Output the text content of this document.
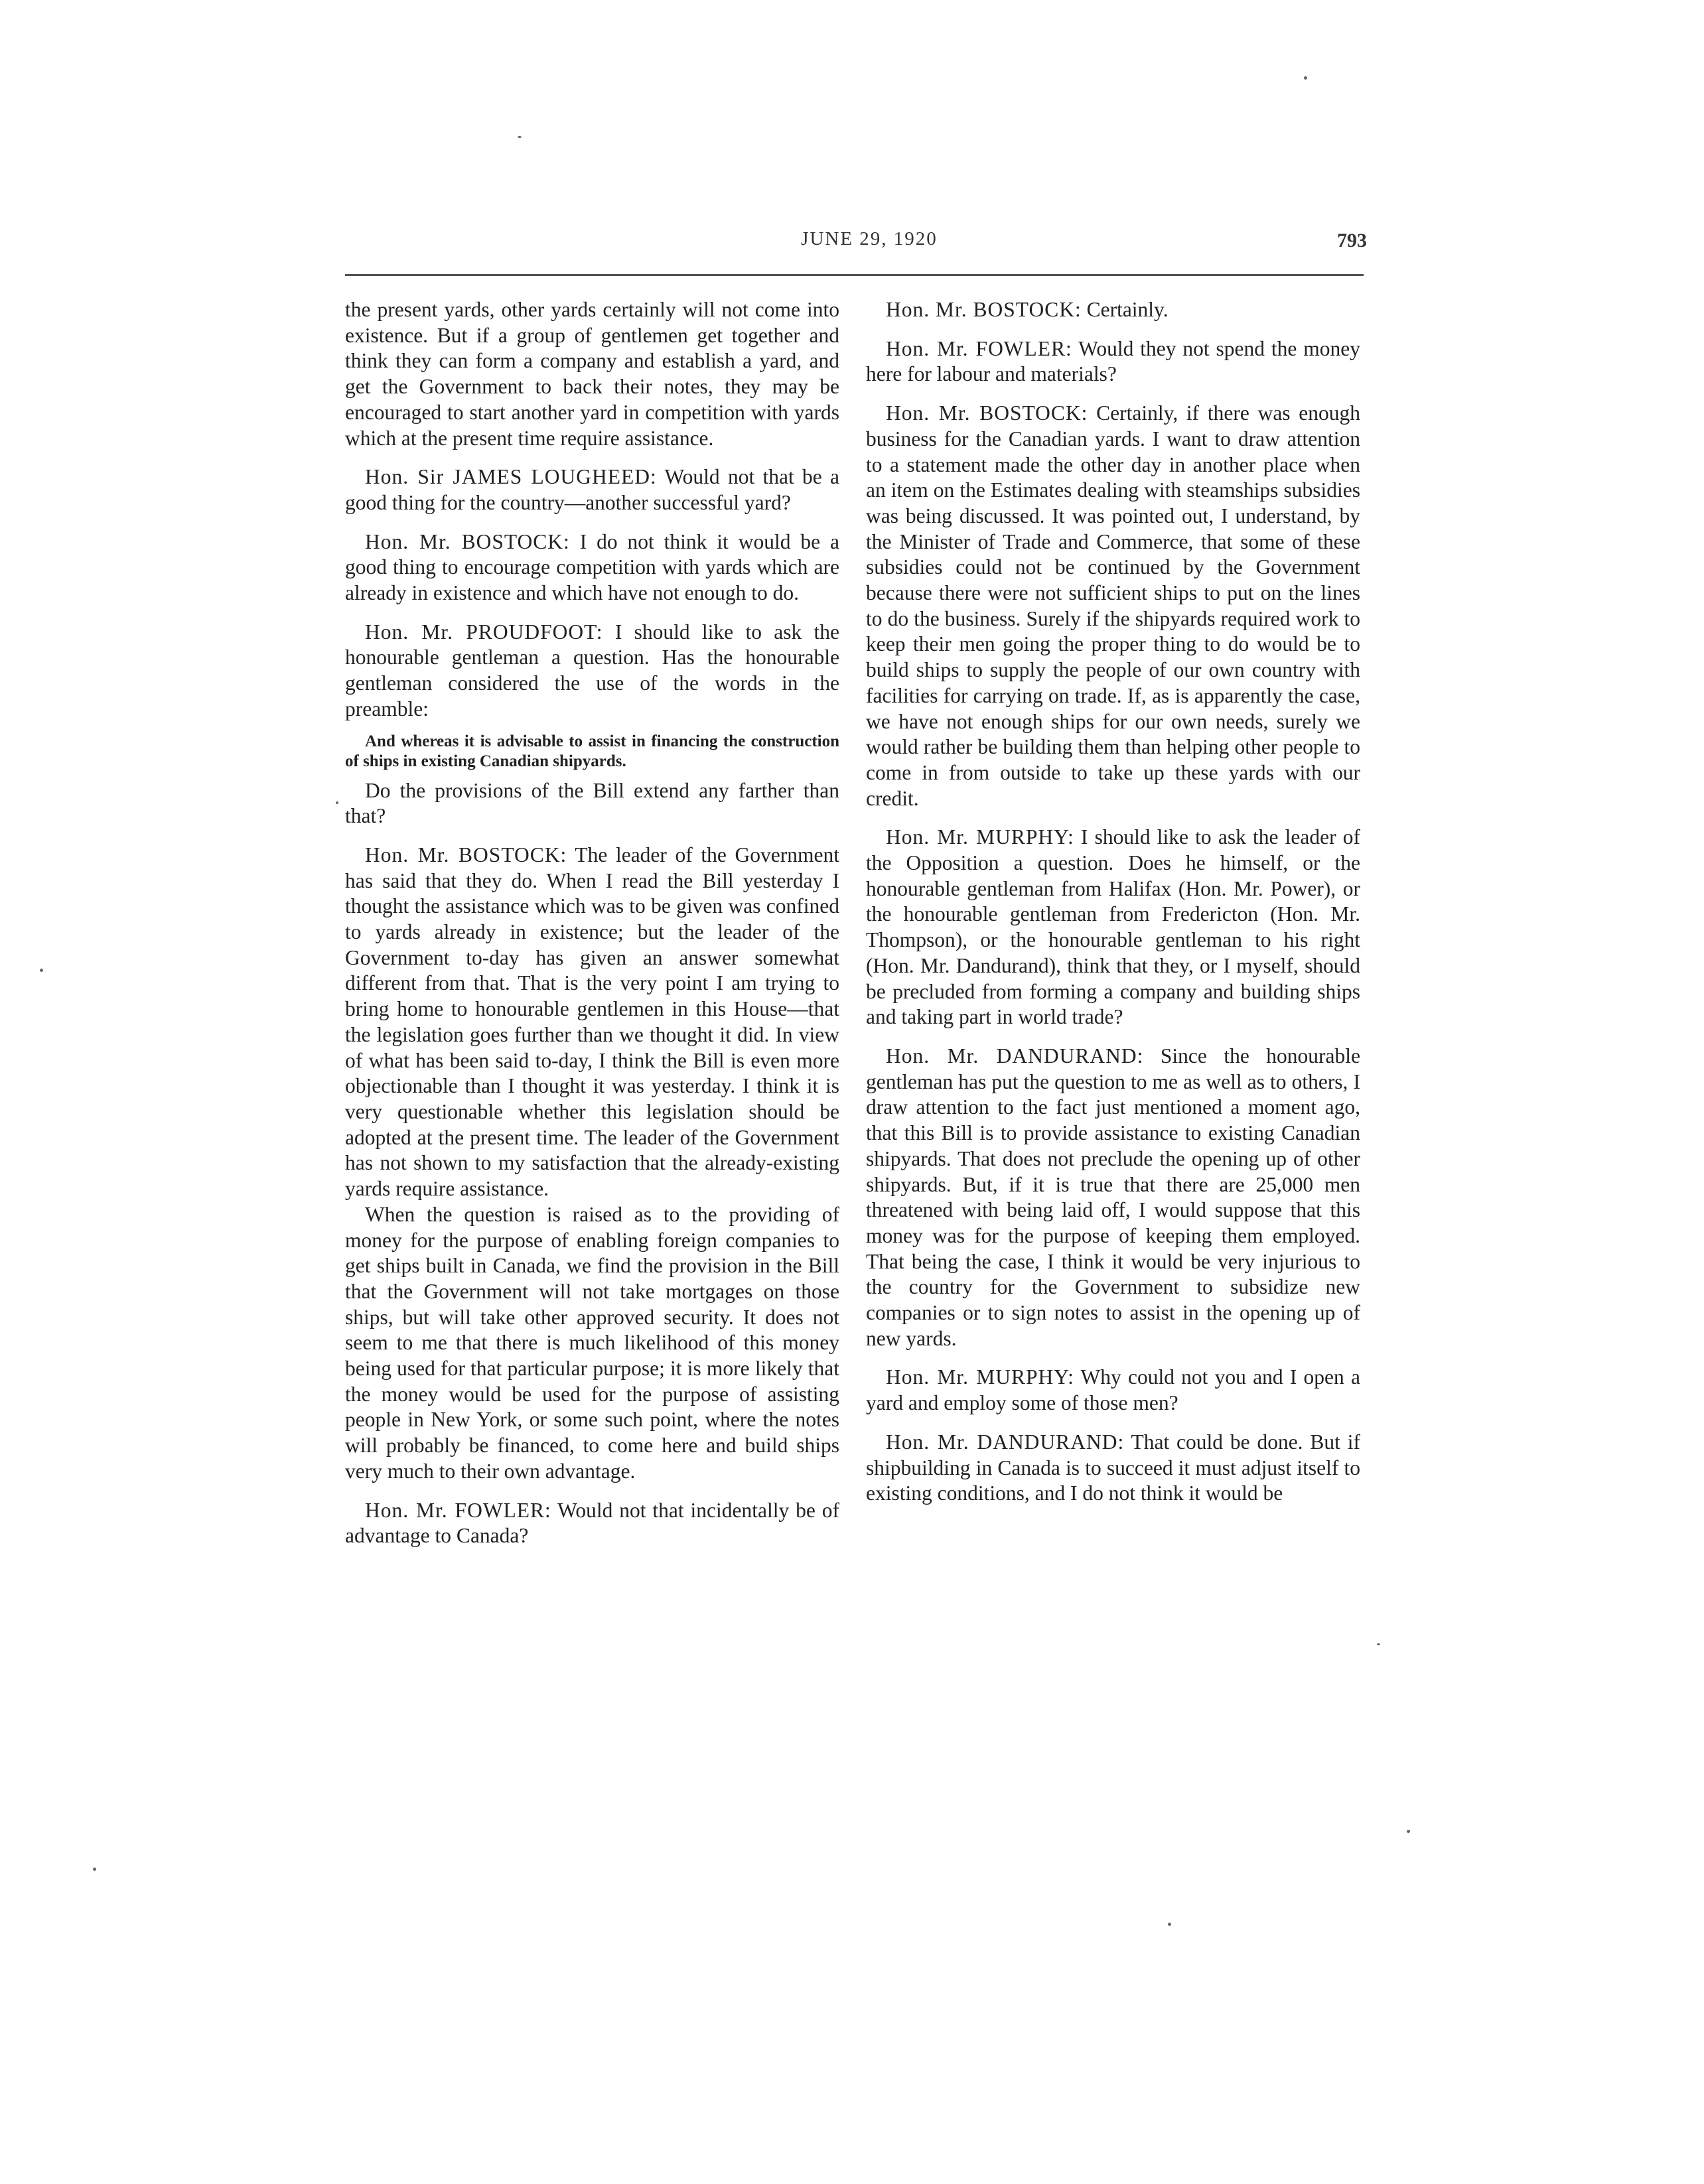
JUNE 29, 1920	793

the present yards, other yards certainly will not come into existence. But if a group of gentlemen get together and think they can form a company and establish a yard, and get the Government to back their notes, they may be encouraged to start another yard in competition with yards which at the present time require assistance.

Hon. Sir JAMES LOUGHEED: Would not that be a good thing for the country—another successful yard?

Hon. Mr. BOSTOCK: I do not think it would be a good thing to encourage competition with yards which are already in existence and which have not enough to do.

Hon. Mr. PROUDFOOT: I should like to ask the honourable gentleman a question. Has the honourable gentleman considered the use of the words in the preamble:

And whereas it is advisable to assist in financing the construction of ships in existing Canadian shipyards.

Do the provisions of the Bill extend any farther than that?

Hon. Mr. BOSTOCK: The leader of the Government has said that they do. When I read the Bill yesterday I thought the assistance which was to be given was confined to yards already in existence; but the leader of the Government to-day has given an answer somewhat different from that. That is the very point I am trying to bring home to honourable gentlemen in this House—that the legislation goes further than we thought it did. In view of what has been said to-day, I think the Bill is even more objectionable than I thought it was yesterday. I think it is very questionable whether this legislation should be adopted at the present time. The leader of the Government has not shown to my satisfaction that the already-existing yards require assistance.

When the question is raised as to the providing of money for the purpose of enabling foreign companies to get ships built in Canada, we find the provision in the Bill that the Government will not take mortgages on those ships, but will take other approved security. It does not seem to me that there is much likelihood of this money being used for that particular purpose; it is more likely that the money would be used for the purpose of assisting people in New York, or some such point, where the notes will probably be financed, to come here and build ships very much to their own advantage.

Hon. Mr. FOWLER: Would not that incidentally be of advantage to Canada?

Hon. Mr. BOSTOCK: Certainly.

Hon. Mr. FOWLER: Would they not spend the money here for labour and materials?

Hon. Mr. BOSTOCK: Certainly, if there was enough business for the Canadian yards. I want to draw attention to a statement made the other day in another place when an item on the Estimates dealing with steamships subsidies was being discussed. It was pointed out, I understand, by the Minister of Trade and Commerce, that some of these subsidies could not be continued by the Government because there were not sufficient ships to put on the lines to do the business. Surely if the shipyards required work to keep their men going the proper thing to do would be to build ships to supply the people of our own country with facilities for carrying on trade. If, as is apparently the case, we have not enough ships for our own needs, surely we would rather be building them than helping other people to come in from outside to take up these yards with our credit.

Hon. Mr. MURPHY: I should like to ask the leader of the Opposition a question. Does he himself, or the honourable gentleman from Halifax (Hon. Mr. Power), or the honourable gentleman from Fredericton (Hon. Mr. Thompson), or the honourable gentleman to his right (Hon. Mr. Dandurand), think that they, or I myself, should be precluded from forming a company and building ships and taking part in world trade?

Hon. Mr. DANDURAND: Since the honourable gentleman has put the question to me as well as to others, I draw attention to the fact just mentioned a moment ago, that this Bill is to provide assistance to existing Canadian shipyards. That does not preclude the opening up of other shipyards. But, if it is true that there are 25,000 men threatened with being laid off, I would suppose that this money was for the purpose of keeping them employed. That being the case, I think it would be very injurious to the country for the Government to subsidize new companies or to sign notes to assist in the opening up of new yards.

Hon. Mr. MURPHY: Why could not you and I open a yard and employ some of those men?

Hon. Mr. DANDURAND: That could be done. But if shipbuilding in Canada is to succeed it must adjust itself to existing conditions, and I do not think it would be
